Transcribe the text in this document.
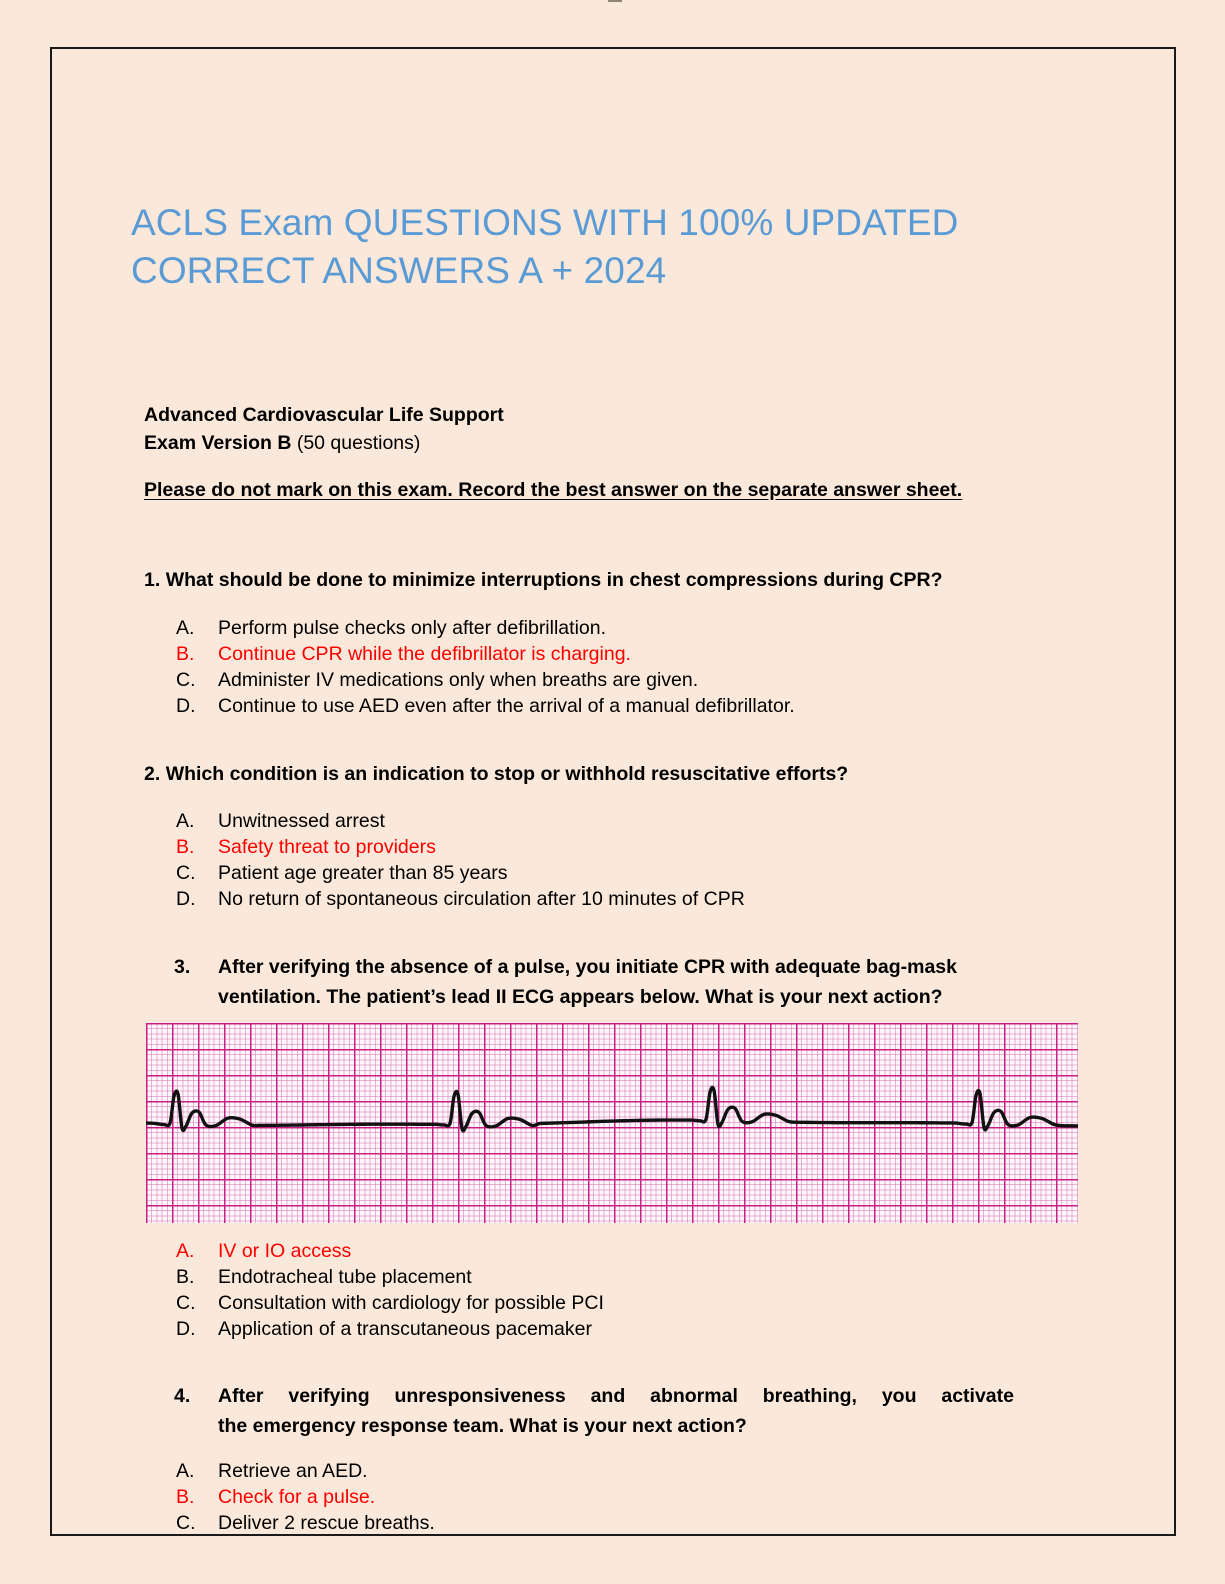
ACLS Exam QUESTIONS WITH 100% UPDATED CORRECT ANSWERS A + 2024
Advanced Cardiovascular Life Support
Exam Version B (50 questions)
Please do not mark on this exam. Record the best answer on the separate answer sheet.
1. What should be done to minimize interruptions in chest compressions during CPR?
A. Perform pulse checks only after defibrillation.
B. Continue CPR while the defibrillator is charging.
C. Administer IV medications only when breaths are given.
D. Continue to use AED even after the arrival of a manual defibrillator.
2. Which condition is an indication to stop or withhold resuscitative efforts?
A. Unwitnessed arrest
B. Safety threat to providers
C. Patient age greater than 85 years
D. No return of spontaneous circulation after 10 minutes of CPR
3. After verifying the absence of a pulse, you initiate CPR with adequate bag-mask ventilation. The patient’s lead II ECG appears below. What is your next action?
A. IV or IO access
B. Endotracheal tube placement
C. Consultation with cardiology for possible PCI
D. Application of a transcutaneous pacemaker
4. After verifying unresponsiveness and abnormal breathing, you activate
the emergency response team. What is your next action?
A. Retrieve an AED.
B. Check for a pulse.
C. Deliver 2 rescue breaths.
